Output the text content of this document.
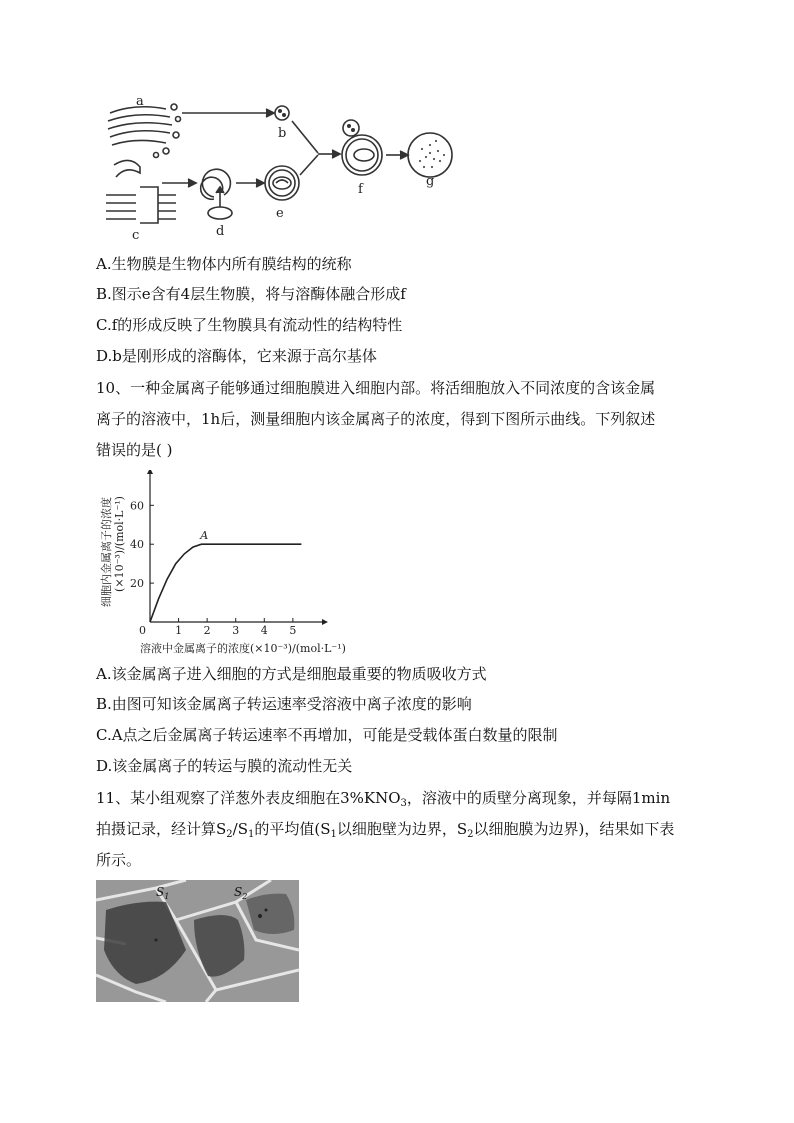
a
b
c	d
e
f
g
A.生物膜是生物体内所有膜结构的统称
B.图示e含有4层生物膜，将与溶酶体融合形成f
C.f的形成反映了生物膜具有流动性的结构特性
D.b是刚形成的溶酶体，它来源于高尔基体
10、一种金属离子能够通过细胞膜进入细胞内部。将活细胞放入不同浓度的含该金属
离子的溶液中，1h后，测量细胞内该金属离子的浓度，得到下图所示曲线。下列叙述
错误的是( )
0	1 2 3 4 5
20
40
60
细胞内金属离子的浓度 (×10⁻³)/(mol·L⁻¹)
溶液中金属离子的浓度(×10⁻³)/(mol·L⁻¹)
A
A.该金属离子进入细胞的方式是细胞最重要的物质吸收方式
B.由图可知该金属离子转运速率受溶液中离子浓度的影响
C.A点之后金属离子转运速率不再增加，可能是受载体蛋白数量的限制
D.该金属离子的转运与膜的流动性无关
11、某小组观察了洋葱外表皮细胞在$3\%KNO_3$，溶液中的质壁分离现象，并每隔1min
拍摄记录，经计算$S_2/S_1$的平均值($S_1$以细胞壁为边界，$S_2$以细胞膜为边界)，结果如下表
所示。
$S_1$	$S_2$
